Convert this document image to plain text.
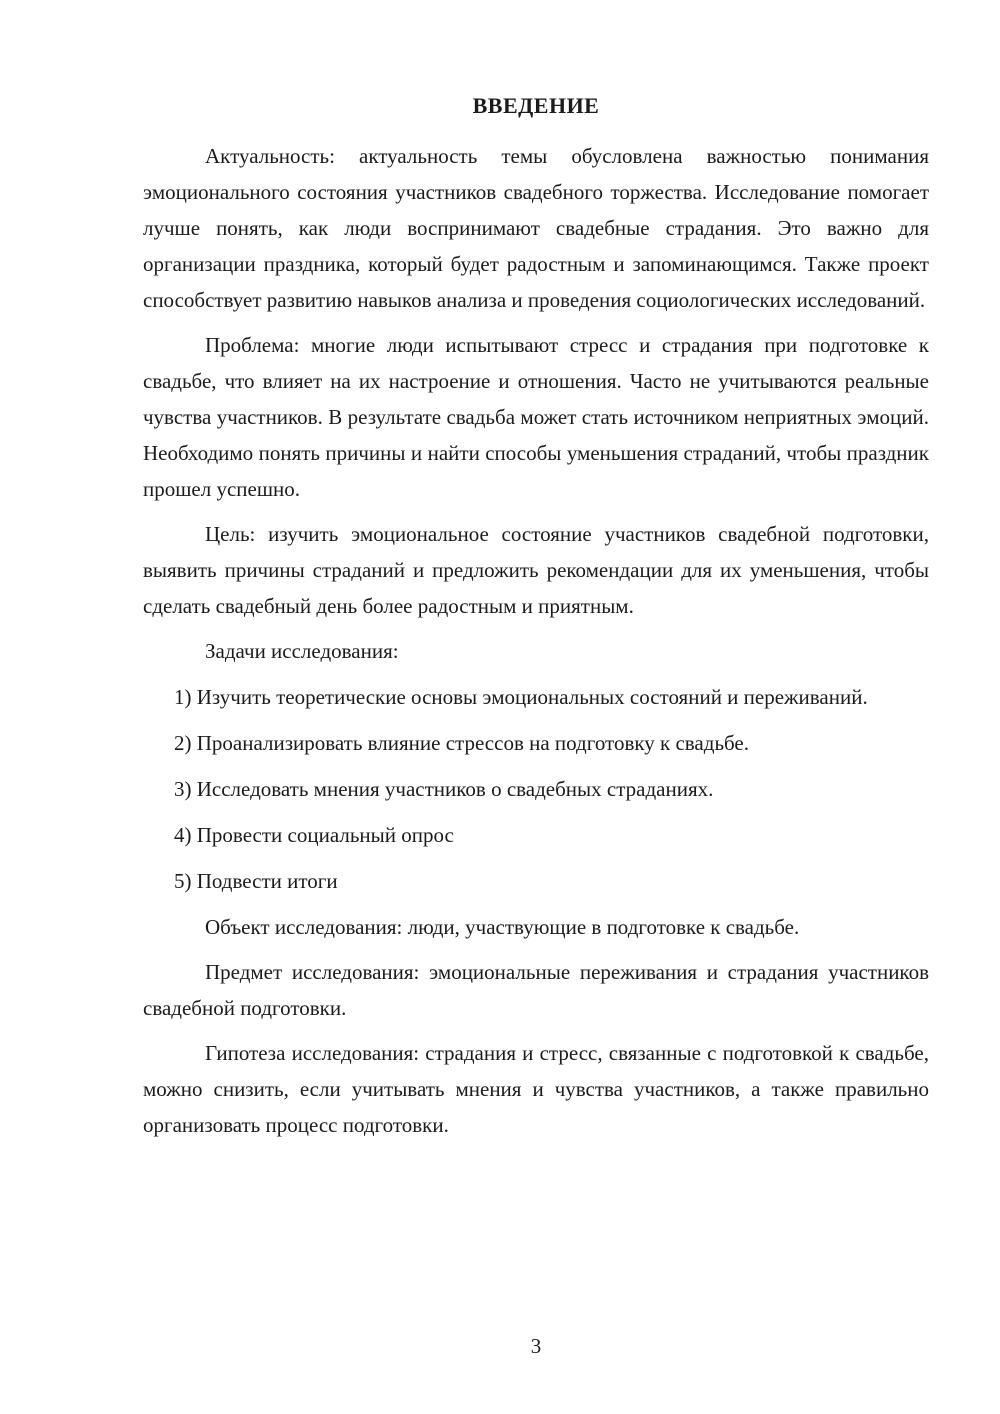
ВВЕДЕНИЕ

Актуальность: актуальность темы обусловлена важностью понимания эмоционального состояния участников свадебного торжества. Исследование помогает лучше понять, как люди воспринимают свадебные страдания. Это важно для организации праздника, который будет радостным и запоминающимся. Также проект способствует развитию навыков анализа и проведения социологических исследований.

Проблема: многие люди испытывают стресс и страдания при подготовке к свадьбе, что влияет на их настроение и отношения. Часто не учитываются реальные чувства участников. В результате свадьба может стать источником неприятных эмоций. Необходимо понять причины и найти способы уменьшения страданий, чтобы праздник прошел успешно.

Цель: изучить эмоциональное состояние участников свадебной подготовки, выявить причины страданий и предложить рекомендации для их уменьшения, чтобы сделать свадебный день более радостным и приятным.

Задачи исследования:

1) Изучить теоретические основы эмоциональных состояний и переживаний.

2) Проанализировать влияние стрессов на подготовку к свадьбе.

3) Исследовать мнения участников о свадебных страданиях.

4) Провести социальный опрос

5) Подвести итоги

Объект исследования: люди, участвующие в подготовке к свадьбе.

Предмет исследования: эмоциональные переживания и страдания участников свадебной подготовки.

Гипотеза исследования: страдания и стресс, связанные с подготовкой к свадьбе, можно снизить, если учитывать мнения и чувства участников, а также правильно организовать процесс подготовки.

3
